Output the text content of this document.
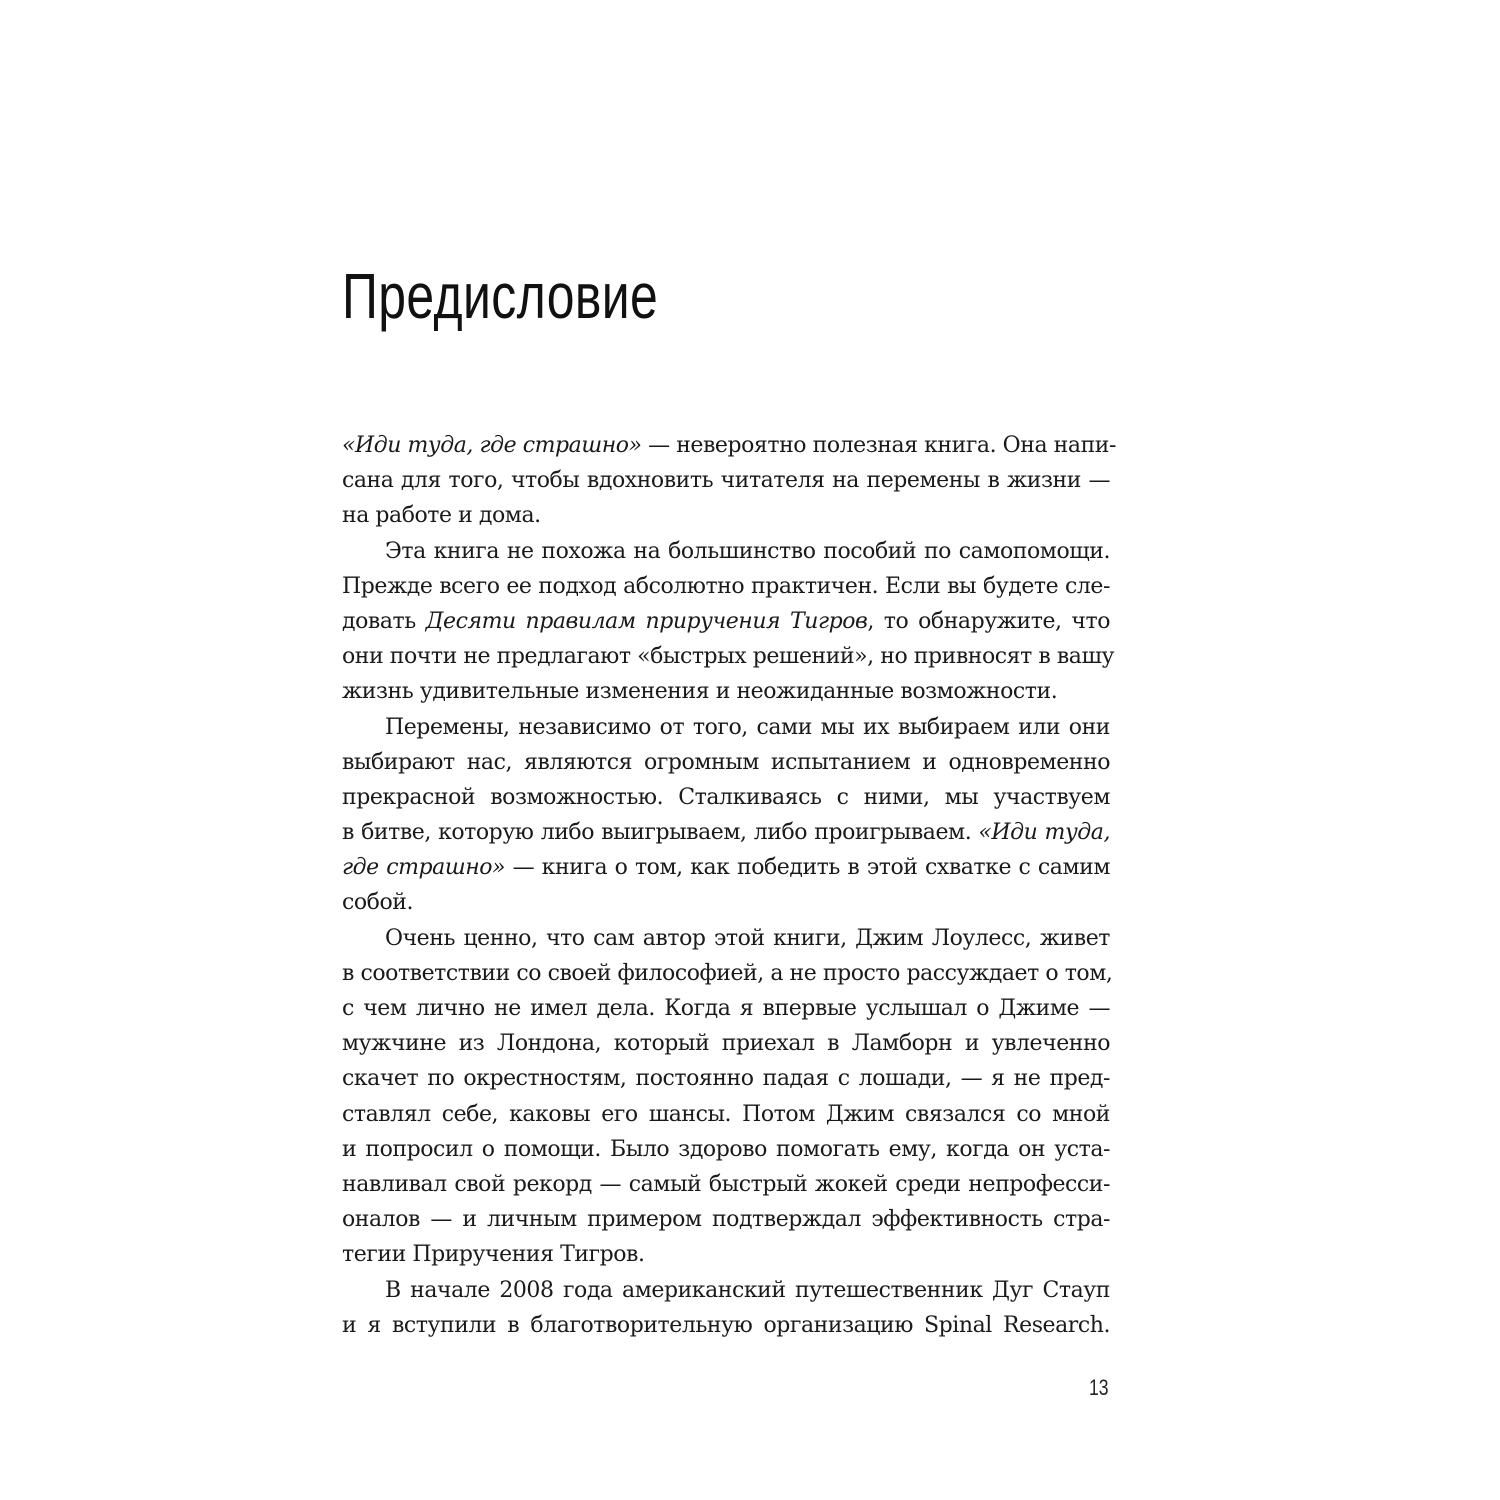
Предисловие
«Иди туда, где страшно» — невероятно полезная книга. Она напи-
сана для того, чтобы вдохновить читателя на перемены в жизни —
на работе и дома.
Эта книга не похожа на большинство пособий по самопомощи.
Прежде всего ее подход абсолютно практичен. Если вы будете сле-
довать Десяти правилам приручения Тигров, то обнаружите, что
они почти не предлагают «быстрых решений», но привносят в вашу
жизнь удивительные изменения и неожиданные возможности.
Перемены, независимо от того, сами мы их выбираем или они
выбирают нас, являются огромным испытанием и одновременно
прекрасной возможностью. Сталкиваясь с ними, мы участвуем
в битве, которую либо выигрываем, либо проигрываем. «Иди туда,
где страшно» — книга о том, как победить в этой схватке с самим
собой.
Очень ценно, что сам автор этой книги, Джим Лоулесс, живет
в соответствии со своей философией, а не просто рассуждает о том,
с чем лично не имел дела. Когда я впервые услышал о Джиме —
мужчине из Лондона, который приехал в Ламборн и увлеченно
скачет по окрестностям, постоянно падая с лошади, — я не пред-
ставлял себе, каковы его шансы. Потом Джим связался со мной
и попросил о помощи. Было здорово помогать ему, когда он уста-
навливал свой рекорд — самый быстрый жокей среди непрофесси-
оналов — и личным примером подтверждал эффективность стра-
тегии Приручения Тигров.
В начале 2008 года американский путешественник Дуг Стауп
и я вступили в благотворительную организацию Spinal Research.
13
